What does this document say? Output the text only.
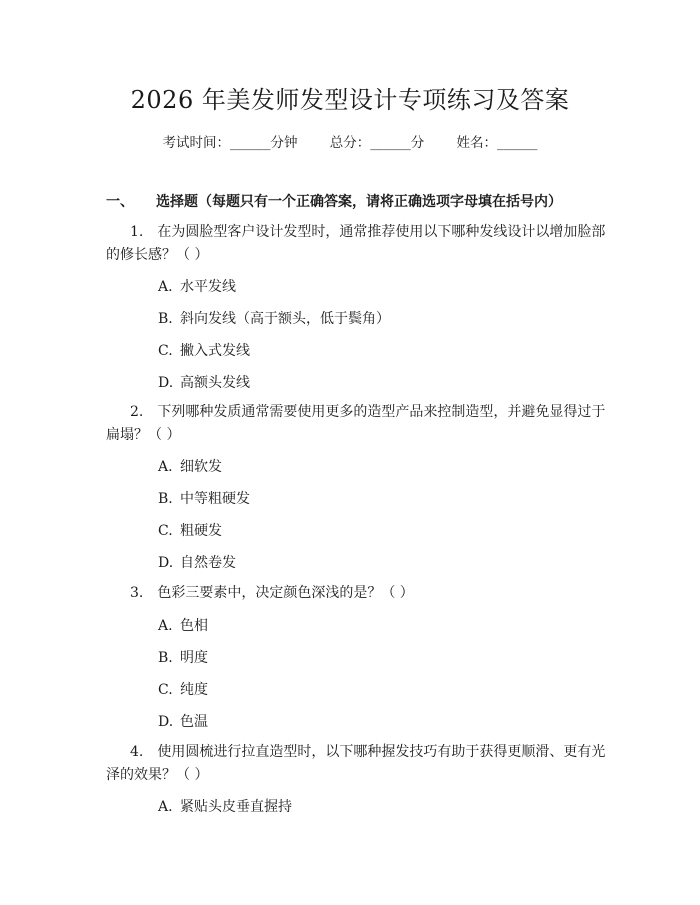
2026 年美发师发型设计专项练习及答案
考试时间：______分钟 总分：______分 姓名：______
一、 选择题（每题只有一个正确答案，请将正确选项字母填在括号内）
1. 在为圆脸型客户设计发型时，通常推荐使用以下哪种发线设计以增加脸部的修长感？（ ）
A. 水平发线
B. 斜向发线（高于额头，低于鬓角）
C. 撇入式发线
D. 高额头发线
2. 下列哪种发质通常需要使用更多的造型产品来控制造型，并避免显得过于扁塌？（ ）
A. 细软发
B. 中等粗硬发
C. 粗硬发
D. 自然卷发
3. 色彩三要素中，决定颜色深浅的是？（ ）
A. 色相
B. 明度
C. 纯度
D. 色温
4. 使用圆梳进行拉直造型时，以下哪种握发技巧有助于获得更顺滑、更有光泽的效果？（ ）
A. 紧贴头皮垂直握持
